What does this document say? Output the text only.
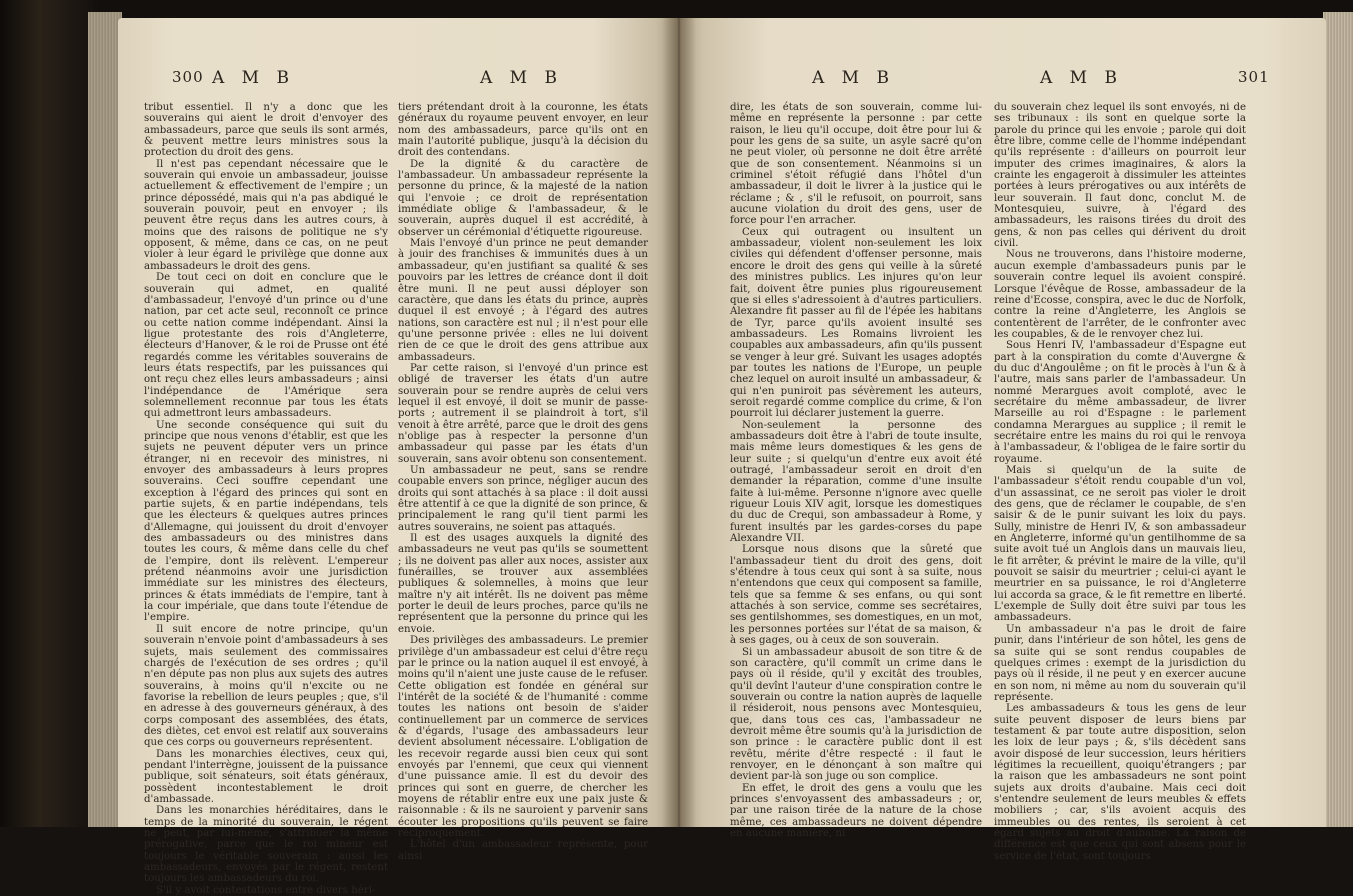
300 A M B	A M B

tribut essentiel. Il n'y a donc que les souverains qui aient le droit d'envoyer des ambassadeurs, parce que seuls ils sont armés, & peuvent mettre leurs ministres sous la protection du droit des gens.

Il n'est pas cependant nécessaire que le souverain qui envoie un ambassadeur, jouisse actuellement & effectivement de l'empire ; un prince dépossédé, mais qui n'a pas abdiqué le souverain pouvoir, peut en envoyer ; ils peuvent être reçus dans les autres cours, à moins que des raisons de politique ne s'y opposent, & même, dans ce cas, on ne peut violer à leur égard le privilège que donne aux ambassadeurs le droit des gens.

De tout ceci on doit en conclure que le souverain qui admet, en qualité d'ambassadeur, l'envoyé d'un prince ou d'une nation, par cet acte seul, reconnoît ce prince ou cette nation comme indépendant. Ainsi la ligue protestante des rois d'Angleterre, électeurs d'Hanover, & le roi de Prusse ont été regardés comme les véritables souverains de leurs états respectifs, par les puissances qui ont reçu chez elles leurs ambassadeurs ; ainsi l'indépendance de l'Amérique sera solemnellement reconnue par tous les états qui admettront leurs ambassadeurs.

Une seconde conséquence qui suit du principe que nous venons d'établir, est que les sujets ne peuvent députer vers un prince étranger, ni en recevoir des ministres, ni envoyer des ambassadeurs à leurs propres souverains. Ceci souffre cependant une exception à l'égard des princes qui sont en partie sujets, & en partie indépendans, tels que les électeurs & quelques autres princes d'Allemagne, qui jouissent du droit d'envoyer des ambassadeurs ou des ministres dans toutes les cours, & même dans celle du chef de l'empire, dont ils relèvent. L'empereur prétend néanmoins avoir une jurisdiction immédiate sur les ministres des électeurs, princes & états immédiats de l'empire, tant à la cour impériale, que dans toute l'étendue de l'empire.

Il suit encore de notre principe, qu'un souverain n'envoie point d'ambassadeurs à ses sujets, mais seulement des commissaires chargés de l'exécution de ses ordres ; qu'il n'en députe pas non plus aux sujets des autres souverains, à moins qu'il n'excite ou ne favorise la rebellion de leurs peuples ; que, s'il en adresse à des gouverneurs généraux, à des corps composant des assemblées, des états, des diètes, cet envoi est relatif aux souverains que ces corps ou gouverneurs représentent.

Dans les monarchies électives, ceux qui, pendant l'interrègne, jouissent de la puissance publique, soit sénateurs, soit états généraux, possèdent incontestablement le droit d'ambassade.

Dans les monarchies héréditaires, dans le temps de la minorité du souverain, le régent ne peut, par lui-même, s'attribuer la même prérogative, parce que le roi mineur est toujours le véritable souverain : aussi les ambassadeurs, envoyés par le régent, restent toujours les ambassadeurs du roi.

S'il y avoit contestations entre divers héri-

tiers prétendant droit à la couronne, les états généraux du royaume peuvent envoyer, en leur nom des ambassadeurs, parce qu'ils ont en main l'autorité publique, jusqu'à la décision du droit des contendans.

De la dignité & du caractère de l'ambassadeur. Un ambassadeur représente la personne du prince, & la majesté de la nation qui l'envoie ; ce droit de représentation immédiate oblige & l'ambassadeur, & le souverain, auprès duquel il est accrédité, à observer un cérémonial d'étiquette rigoureuse.

Mais l'envoyé d'un prince ne peut demander à jouir des franchises & immunités dues à un ambassadeur, qu'en justifiant sa qualité & ses pouvoirs par les lettres de créance dont il doit être muni. Il ne peut aussi déployer son caractère, que dans les états du prince, auprès duquel il est envoyé ; à l'égard des autres nations, son caractère est nul ; il n'est pour elle qu'une personne privée : elles ne lui doivent rien de ce que le droit des gens attribue aux ambassadeurs.

Par cette raison, si l'envoyé d'un prince est obligé de traverser les états d'un autre souverain pour se rendre auprès de celui vers lequel il est envoyé, il doit se munir de passe-ports ; autrement il se plaindroit à tort, s'il venoit à être arrêté, parce que le droit des gens n'oblige pas à respecter la personne d'un ambassadeur qui passe par les états d'un souverain, sans avoir obtenu son consentement.

Un ambassadeur ne peut, sans se rendre coupable envers son prince, négliger aucun des droits qui sont attachés à sa place : il doit aussi être attentif à ce que la dignité de son prince, & principalement le rang qu'il tient parmi les autres souverains, ne soient pas attaqués.

Il est des usages auxquels la dignité des ambassadeurs ne veut pas qu'ils se soumettent ; ils ne doivent pas aller aux noces, assister aux funérailles, se trouver aux assemblées publiques & solemnelles, à moins que leur maître n'y ait intérêt. Ils ne doivent pas même porter le deuil de leurs proches, parce qu'ils ne représentent que la personne du prince qui les envoie.

Des privilèges des ambassadeurs. Le premier privilège d'un ambassadeur est celui d'être reçu par le prince ou la nation auquel il est envoyé, à moins qu'il n'aient une juste cause de le refuser. Cette obligation est fondée en général sur l'intérêt de la société & de l'humanité : comme toutes les nations ont besoin de s'aider continuellement par un commerce de services & d'égards, l'usage des ambassadeurs leur devient absolument nécessaire. L'obligation de les recevoir regarde aussi bien ceux qui sont envoyés par l'ennemi, que ceux qui viennent d'une puissance amie. Il est du devoir des princes qui sont en guerre, de chercher les moyens de rétablir entre eux une paix juste & raisonnable : & ils ne sauroient y parvenir sans écouter les propositions qu'ils peuvent se faire réciproquement.

L'hôtel d'un ambassadeur représente, pour ainsi

A M B	A M B	301

dire, les états de son souverain, comme lui-même en représente la personne : par cette raison, le lieu qu'il occupe, doit être pour lui & pour les gens de sa suite, un asyle sacré qu'on ne peut violer, où personne ne doit être arrêté que de son consentement. Néanmoins si un criminel s'étoit réfugié dans l'hôtel d'un ambassadeur, il doit le livrer à la justice qui le réclame ; & , s'il le refusoit, on pourroit, sans aucune violation du droit des gens, user de force pour l'en arracher.

Ceux qui outragent ou insultent un ambassadeur, violent non-seulement les loix civiles qui défendent d'offenser personne, mais encore le droit des gens qui veille à la sûreté des ministres publics. Les injures qu'on leur fait, doivent être punies plus rigoureusement que si elles s'adressoient à d'autres particuliers. Alexandre fit passer au fil de l'épée les habitans de Tyr, parce qu'ils avoient insulté ses ambassadeurs. Les Romains livroient les coupables aux ambassadeurs, afin qu'ils pussent se venger à leur gré. Suivant les usages adoptés par toutes les nations de l'Europe, un peuple chez lequel on auroit insulté un ambassadeur, & qui n'en puniroit pas sévèrement les auteurs, seroit regardé comme complice du crime, & l'on pourroit lui déclarer justement la guerre.

Non-seulement la personne des ambassadeurs doit être à l'abri de toute insulte, mais même leurs domestiques & les gens de leur suite ; si quelqu'un d'entre eux avoit été outragé, l'ambassadeur seroit en droit d'en demander la réparation, comme d'une insulte faite à lui-même. Personne n'ignore avec quelle rigueur Louis XIV agit, lorsque les domestiques du duc de Crequi, son ambassadeur à Rome, y furent insultés par les gardes-corses du pape Alexandre VII.

Lorsque nous disons que la sûreté que l'ambassadeur tient du droit des gens, doit s'étendre à tous ceux qui sont à sa suite, nous n'entendons que ceux qui composent sa famille, tels que sa femme & ses enfans, ou qui sont attachés à son service, comme ses secrétaires, ses gentilshommes, ses domestiques, en un mot, les personnes portées sur l'état de sa maison, & à ses gages, ou à ceux de son souverain.

Si un ambassadeur abusoit de son titre & de son caractère, qu'il commît un crime dans le pays où il réside, qu'il y excitât des troubles, qu'il devînt l'auteur d'une conspiration contre le souverain ou contre la nation auprès de laquelle il résideroit, nous pensons avec Montesquieu, que, dans tous ces cas, l'ambassadeur ne devroit même être soumis qu'à la jurisdiction de son prince : le caractère public dont il est revêtu, mérite d'être respecté : il faut le renvoyer, en le dénonçant à son maître qui devient par-là son juge ou son complice.

En effet, le droit des gens a voulu que les princes s'envoyassent des ambassadeurs ; or, par une raison tirée de la nature de la chose même, ces ambassadeurs ne doivent dépendre en aucune manière, ni

du souverain chez lequel ils sont envoyés, ni de ses tribunaux : ils sont en quelque sorte la parole du prince qui les envoie ; parole qui doit être libre, comme celle de l'homme indépendant qu'ils représente : d'ailleurs on pourroit leur imputer des crimes imaginaires, & alors la crainte les engageroit à dissimuler les atteintes portées à leurs prérogatives ou aux intérêts de leur souverain. Il faut donc, conclut M. de Montesquieu, suivre, à l'égard des ambassadeurs, les raisons tirées du droit des gens, & non pas celles qui dérivent du droit civil.

Nous ne trouverons, dans l'histoire moderne, aucun exemple d'ambassadeurs punis par le souverain contre lequel ils avoient conspiré. Lorsque l'évêque de Rosse, ambassadeur de la reine d'Ecosse, conspira, avec le duc de Norfolk, contre la reine d'Angleterre, les Anglois se contentèrent de l'arrêter, de le confronter avec les coupables, & de le renvoyer chez lui.

Sous Henri IV, l'ambassadeur d'Espagne eut part à la conspiration du comte d'Auvergne & du duc d'Angoulême ; on fit le procès à l'un & à l'autre, mais sans parler de l'ambassadeur. Un nommé Merargues avoit comploté, avec le secrétaire du même ambassadeur, de livrer Marseille au roi d'Espagne : le parlement condamna Merargues au supplice ; il remit le secrétaire entre les mains du roi qui le renvoya à l'ambassadeur, & l'obligea de le faire sortir du royaume.

Mais si quelqu'un de la suite de l'ambassadeur s'étoit rendu coupable d'un vol, d'un assassinat, ce ne seroit pas violer le droit des gens, que de réclamer le coupable, de s'en saisir & de le punir suivant les loix du pays. Sully, ministre de Henri IV, & son ambassadeur en Angleterre, informé qu'un gentilhomme de sa suite avoit tué un Anglois dans un mauvais lieu, le fit arrêter, & prévint le maire de la ville, qu'il pouvoit se saisir du meurtrier ; celui-ci ayant le meurtrier en sa puissance, le roi d'Angleterre lui accorda sa grace, & le fit remettre en liberté. L'exemple de Sully doit être suivi par tous les ambassadeurs.

Un ambassadeur n'a pas le droit de faire punir, dans l'intérieur de son hôtel, les gens de sa suite qui se sont rendus coupables de quelques crimes : exempt de la jurisdiction du pays où il réside, il ne peut y en exercer aucune en son nom, ni même au nom du souverain qu'il représente.

Les ambassadeurs & tous les gens de leur suite peuvent disposer de leurs biens par testament & par toute autre disposition, selon les loix de leur pays ; &, s'ils décèdent sans avoir disposé de leur succession, leurs héritiers légitimes la recueillent, quoiqu'étrangers ; par la raison que les ambassadeurs ne sont point sujets aux droits d'aubaine. Mais ceci doit s'entendre seulement de leurs meubles & effets mobiliers ; car, s'ils avoient acquis des immeubles ou des rentes, ils seroient à cet égard sujets au droit d'aubaine. La raison de différence est que ceux qui sont absens pour le service de l'état, sont toujours
